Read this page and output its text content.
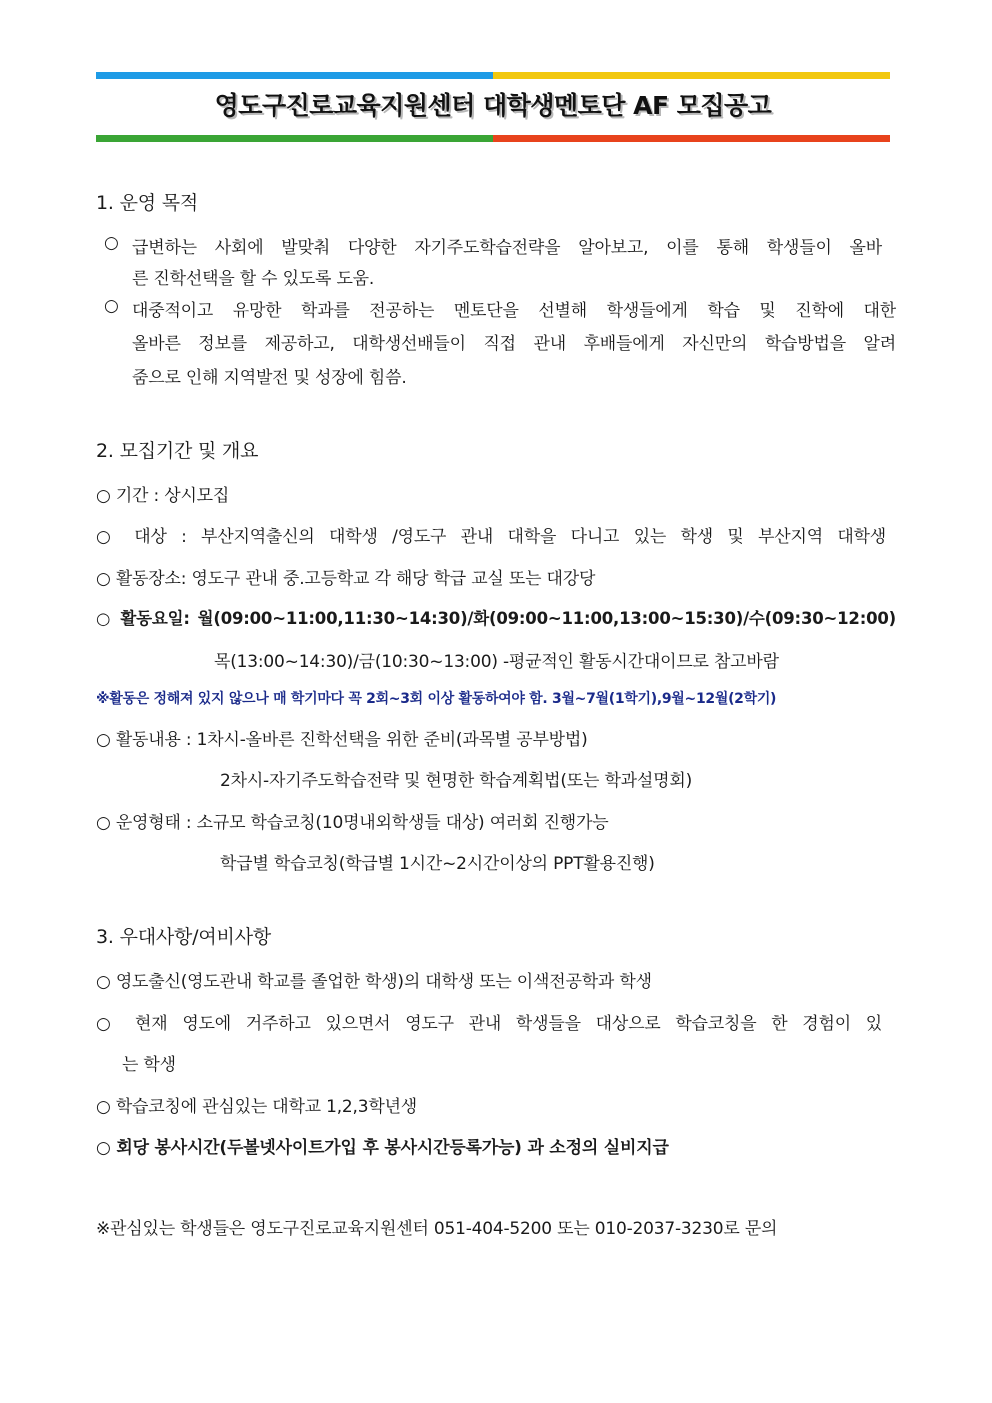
영도구진로교육지원센터 대학생멘토단 AF 모집공고
1. 운영 목적
○ 급변하는 사회에 발맞춰 다양한 자기주도학습전략을 알아보고, 이를 통해 학생들이 올바
른 진학선택을 할 수 있도록 도움.
○ 대중적이고 유망한 학과를 전공하는 멘토단을 선별해 학생들에게 학습 및 진학에 대한
올바른 정보를 제공하고, 대학생선배들이 직접 관내 후배들에게 자신만의 학습방법을 알려
줌으로 인해 지역발전 및 성장에 힘씀.
2. 모집기간 및 개요
○ 기간 : 상시모집
○ 대상 : 부산지역출신의 대학생 /영도구 관내 대학을 다니고 있는 학생 및 부산지역 대학생
○ 활동장소: 영도구 관내 중.고등학교 각 해당 학급 교실 또는 대강당
○ 활동요일: 월(09:00~11:00,11:30~14:30)/화(09:00~11:00,13:00~15:30)/수(09:30~12:00)
목(13:00~14:30)/금(10:30~13:00) -평균적인 활동시간대이므로 참고바람
※활동은 정해져 있지 않으나 매 학기마다 꼭 2회~3회 이상 활동하여야 함. 3월~7월(1학기),9월~12월(2학기)
○ 활동내용 : 1차시-올바른 진학선택을 위한 준비(과목별 공부방법)
2차시-자기주도학습전략 및 현명한 학습계획법(또는 학과설명회)
○ 운영형태 : 소규모 학습코칭(10명내외학생들 대상) 여러회 진행가능
학급별 학습코칭(학급별 1시간~2시간이상의 PPT활용진행)
3. 우대사항/여비사항
○ 영도출신(영도관내 학교를 졸업한 학생)의 대학생 또는 이색전공학과 학생
○ 현재 영도에 거주하고 있으면서 영도구 관내 학생들을 대상으로 학습코칭을 한 경험이 있
는 학생
○ 학습코칭에 관심있는 대학교 1,2,3학년생
○ 회당 봉사시간(두볼넷사이트가입 후 봉사시간등록가능) 과 소정의 실비지급
※관심있는 학생들은 영도구진로교육지원센터 051-404-5200 또는 010-2037-3230로 문의
